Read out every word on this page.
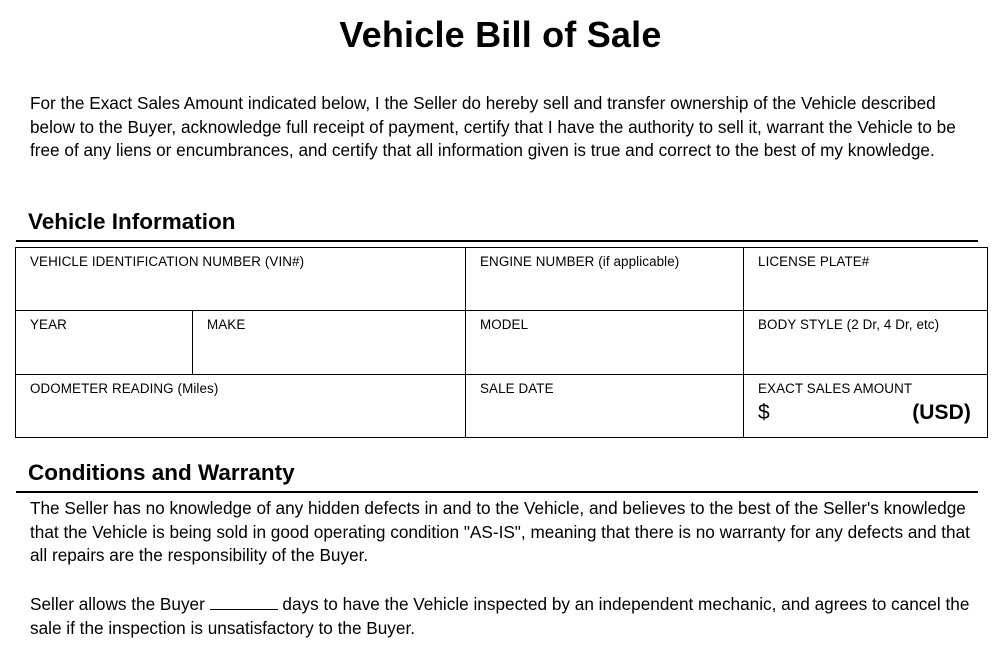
Vehicle Bill of Sale

For the Exact Sales Amount indicated below, I the Seller do hereby sell and transfer ownership of the Vehicle described below to the Buyer, acknowledge full receipt of payment, certify that I have the authority to sell it, warrant the Vehicle to be free of any liens or encumbrances, and certify that all information given is true and correct to the best of my knowledge.

Vehicle Information
VEHICLE IDENTIFICATION NUMBER (VIN#)		ENGINE NUMBER (if applicable)	LICENSE PLATE#

YEAR	MAKE	MODEL	BODY STYLE (2 Dr, 4 Dr, etc)

ODOMETER READING (Miles)		SALE DATE	EXACT SALES AMOUNT
$ (USD)
Conditions and Warranty

The Seller has no knowledge of any hidden defects in and to the Vehicle, and believes to the best of the Seller's knowledge that the Vehicle is being sold in good operating condition "AS-IS", meaning that there is no warranty for any defects and that all repairs are the responsibility of the Buyer.

Seller allows the Buyer	days to have the Vehicle inspected by an independent mechanic, and agrees to cancel the sale if the inspection is unsatisfactory to the Buyer.
